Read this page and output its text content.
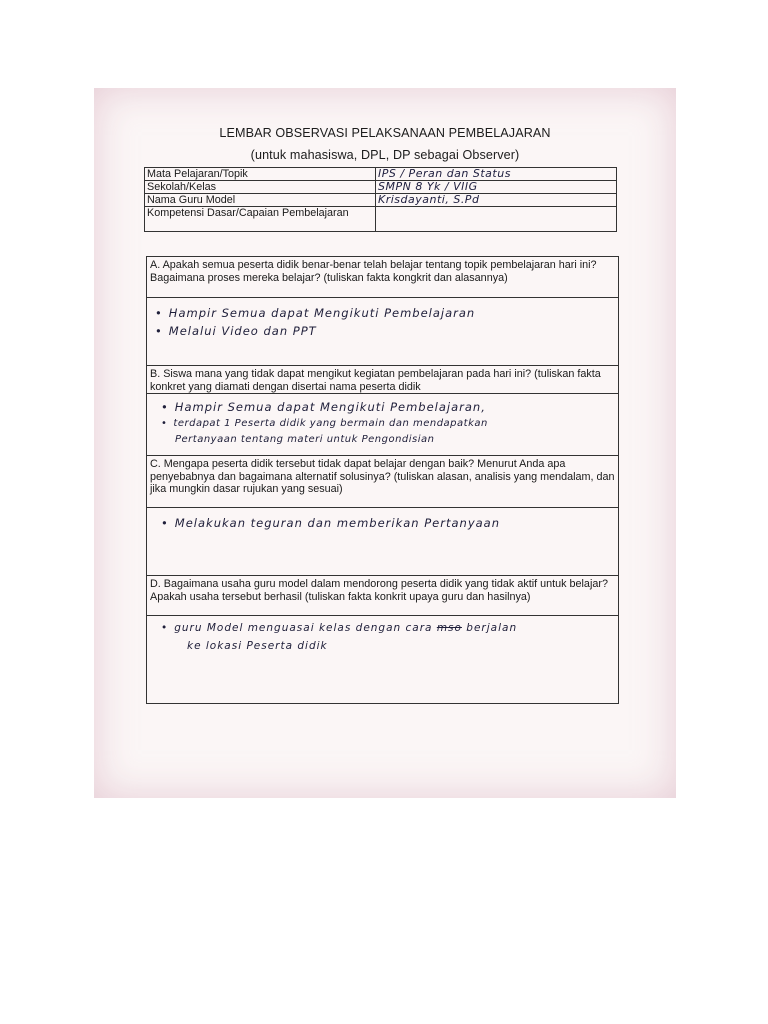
LEMBAR OBSERVASI PELAKSANAAN PEMBELAJARAN
(untuk mahasiswa, DPL, DP sebagai Observer)
Mata Pelajaran/Topik	IPS / Peran dan Status
Sekolah/Kelas	SMPN 8 Yk / VIIG
Nama Guru Model	Krisdayanti, S.Pd
Kompetensi Dasar/Capaian Pembelajaran	
A. Apakah semua peserta didik benar-benar telah belajar tentang topik pembelajaran hari ini? Bagaimana proses mereka belajar? (tuliskan fakta kongkrit dan alasannya)
• Hampir Semua dapat Mengikuti Pembelajaran
• Melalui Video dan PPT
B. Siswa mana yang tidak dapat mengikut kegiatan pembelajaran pada hari ini? (tuliskan fakta konkret yang diamati dengan disertai nama peserta didik
• Hampir Semua dapat Mengikuti Pembelajaran,
• terdapat 1 Peserta didik yang bermain dan mendapatkan
Pertanyaan tentang materi untuk Pengondisian
C. Mengapa peserta didik tersebut tidak dapat belajar dengan baik? Menurut Anda apa penyebabnya dan bagaimana alternatif solusinya? (tuliskan alasan, analisis yang mendalam, dan jika mungkin dasar rujukan yang sesuai)
• Melakukan teguran dan memberikan Pertanyaan
D. Bagaimana usaha guru model dalam mendorong peserta didik yang tidak aktif untuk belajar? Apakah usaha tersebut berhasil (tuliskan fakta konkrit upaya guru dan hasilnya)
• guru Model menguasai kelas dengan cara mso berjalan
ke lokasi Peserta didik
